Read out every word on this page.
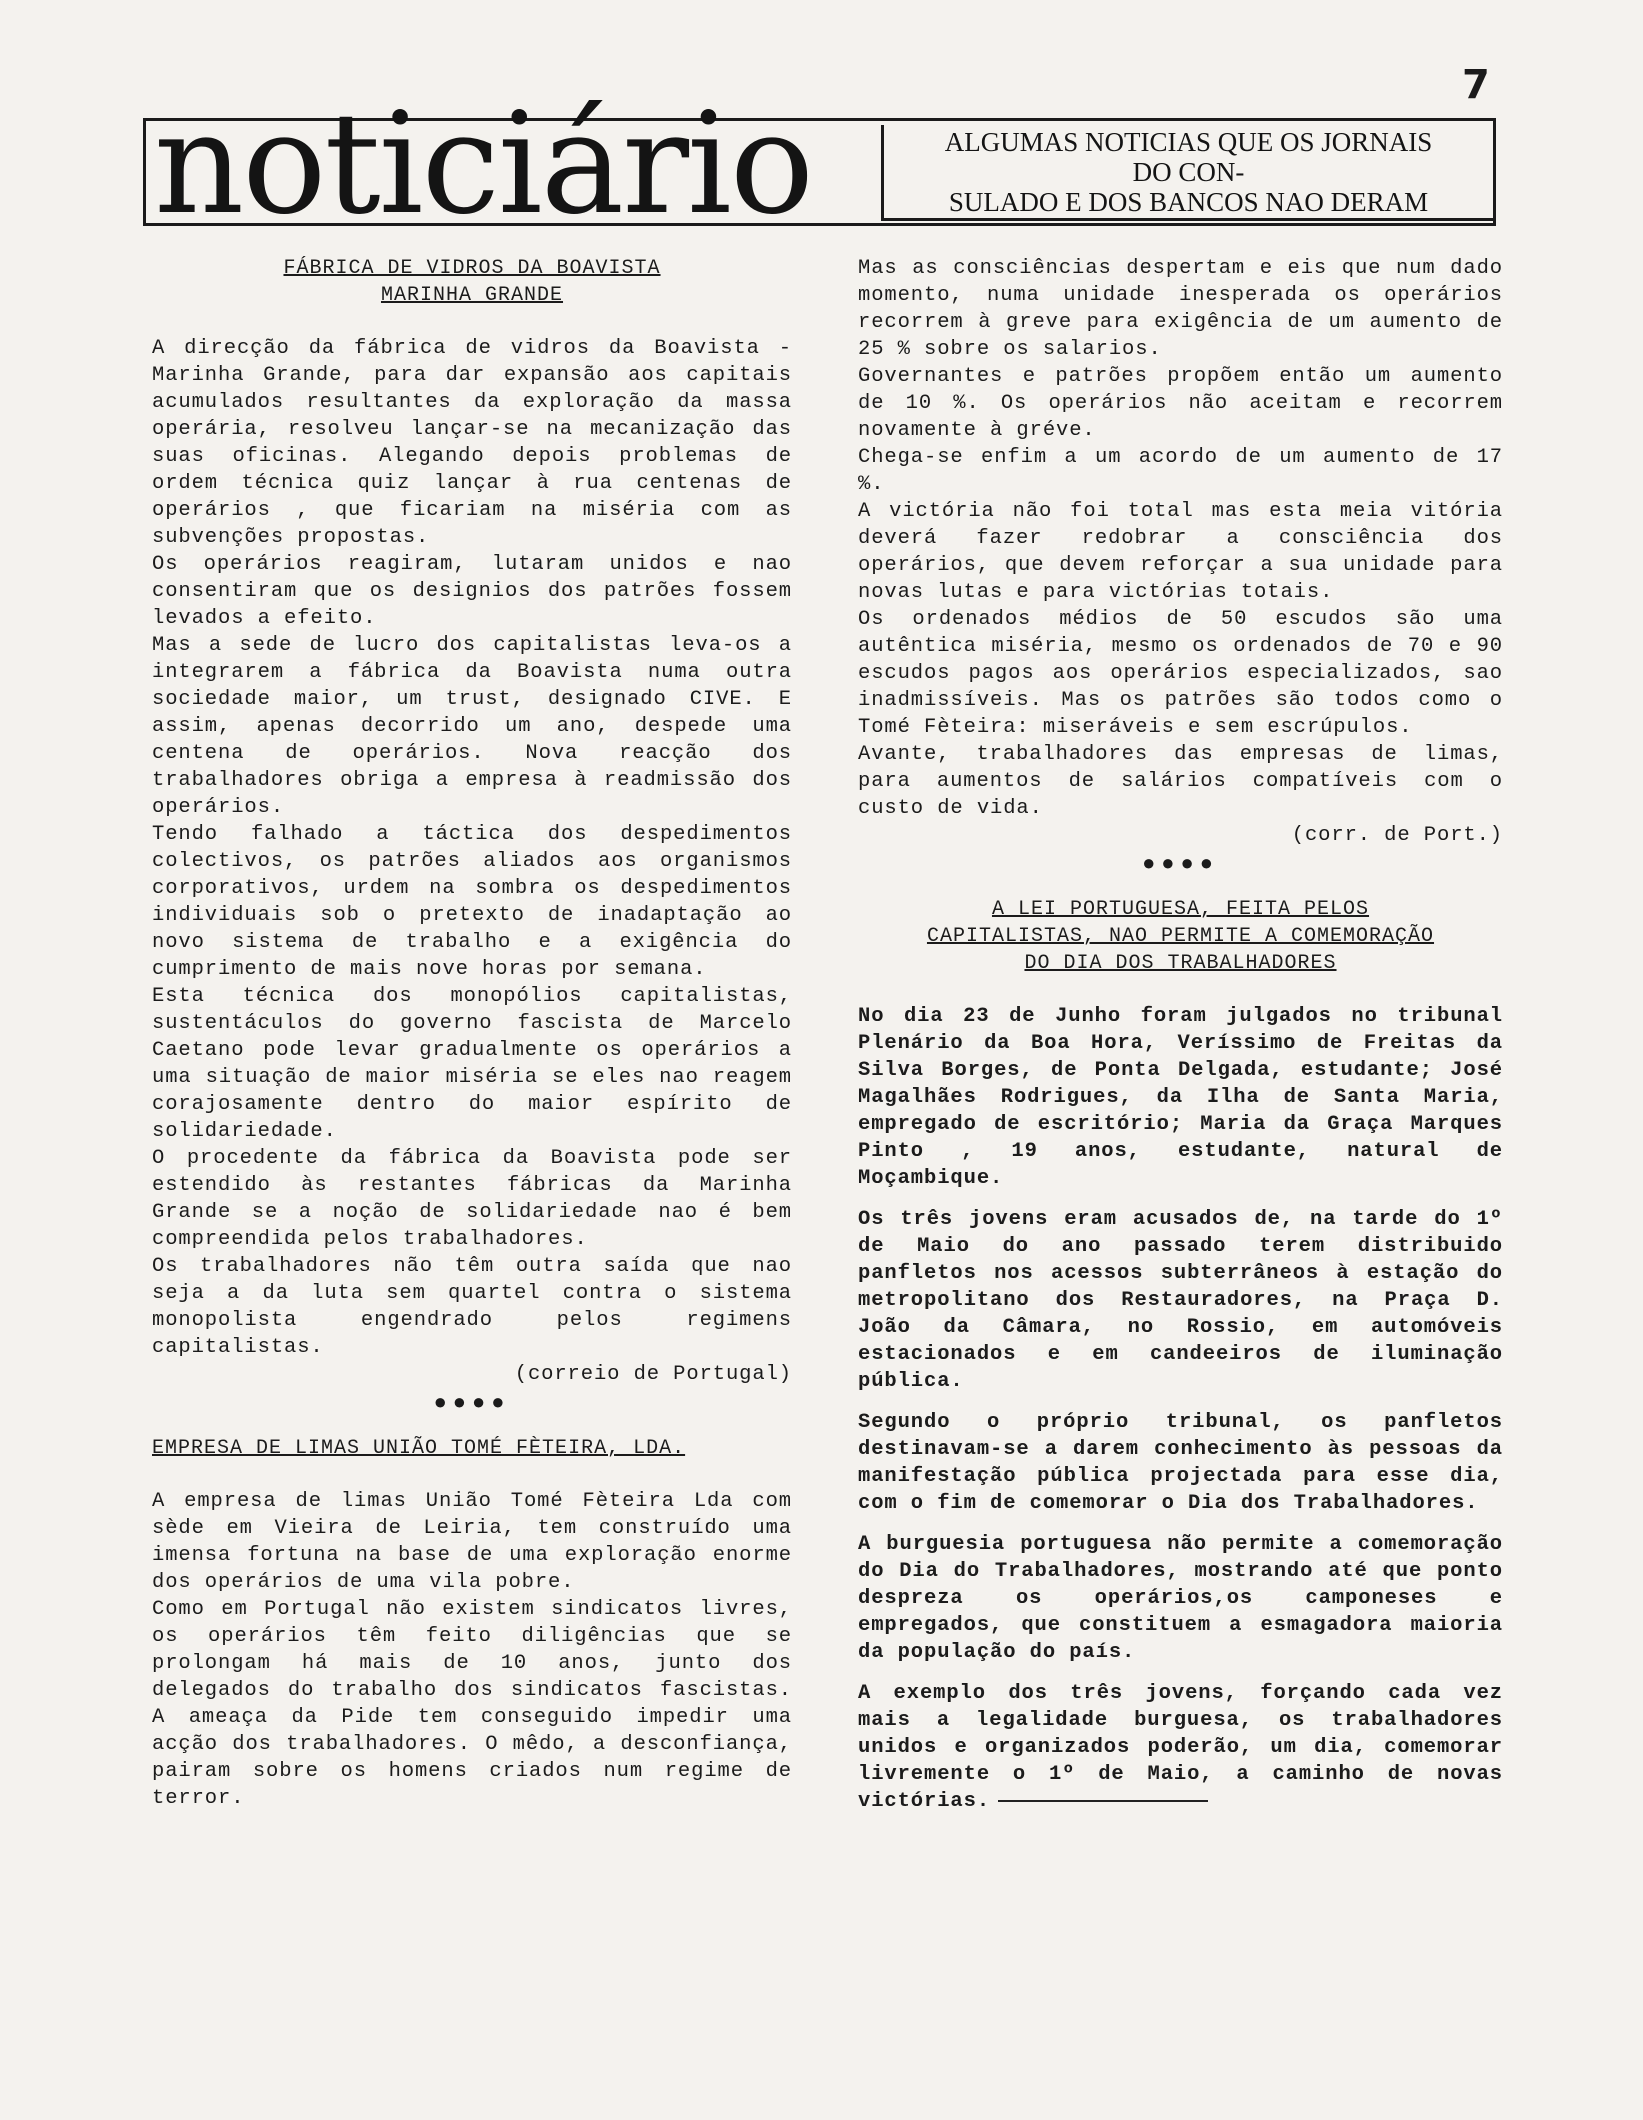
7
noticiário	ALGUMAS NOTICIAS QUE OS JORNAIS
DO CON-
SULADO E DOS BANCOS NAO DERAM

FÁBRICA DE VIDROS DA BOAVISTA

MARINHA GRANDE

A direcção da fábrica de vidros da Boavista -Marinha Grande, para dar expansão aos capitais acumulados resultantes da exploração da massa operária, resolveu lançar-se na mecanização das suas oficinas. Alegando depois problemas de ordem técnica quiz lançar à rua centenas de operários , que ficariam na miséria com as subvenções propostas.

Os operários reagiram, lutaram unidos e nao consentiram que os designios dos patrões fossem levados a efeito.

Mas a sede de lucro dos capitalistas leva-os a integrarem a fábrica da Boavista numa outra sociedade maior, um trust, designado CIVE. E assim, apenas decorrido um ano, despede uma centena de operários. Nova reacção dos trabalhadores obriga a empresa à readmissão dos operários.

Tendo falhado a táctica dos despedimentos colectivos, os patrões aliados aos organismos corporativos, urdem na sombra os despedimentos individuais sob o pretexto de inadaptação ao novo sistema de trabalho e a exigência do cumprimento de mais nove horas por semana.

Esta técnica dos monopólios capitalistas, sustentáculos do governo fascista de Marcelo Caetano pode levar gradualmente os operários a uma situação de maior miséria se eles nao reagem corajosamente dentro do maior espírito de solidariedade.

O procedente da fábrica da Boavista pode ser estendido às restantes fábricas da Marinha Grande se a noção de solidariedade nao é bem compreendida pelos trabalhadores.

Os trabalhadores não têm outra saída que nao seja a da luta sem quartel contra o sistema monopolista engendrado pelos regimens capitalistas.

(correio de Portugal)

●●●●

EMPRESA DE LIMAS UNIÃO TOMÉ FÈTEIRA, LDA.

A empresa de limas União Tomé Fèteira Lda com sède em Vieira de Leiria, tem construído uma imensa fortuna na base de uma exploração enorme dos operários de uma vila pobre.

Como em Portugal não existem sindicatos livres, os operários têm feito diligências que se prolongam há mais de 10 anos, junto dos delegados do trabalho dos sindicatos fascistas. A ameaça da Pide tem conseguido impedir uma acção dos trabalhadores. O mêdo, a desconfiança, pairam sobre os homens criados num regime de terror.

Mas as consciências despertam e eis que num dado momento, numa unidade inesperada os operários recorrem à greve para exigência de um aumento de 25 % sobre os salarios.

Governantes e patrões propõem então um aumento de 10 %. Os operários não aceitam e recorrem novamente à gréve.

Chega-se enfim a um acordo de um aumento de 17 %.

A victória não foi total mas esta meia vitória deverá fazer redobrar a consciência dos operários, que devem reforçar a sua unidade para novas lutas e para victórias totais.

Os ordenados médios de 50 escudos são uma autêntica miséria, mesmo os ordenados de 70 e 90 escudos pagos aos operários especializados, sao inadmissíveis. Mas os patrões são todos como o Tomé Fèteira: miseráveis e sem escrúpulos.

Avante, trabalhadores das empresas de limas, para aumentos de salários compatíveis com o custo de vida.

(corr. de Port.)

●●●●

A LEI PORTUGUESA, FEITA PELOS

CAPITALISTAS, NAO PERMITE A COMEMORAÇÃO

DO DIA DOS TRABALHADORES

No dia 23 de Junho foram julgados no tribunal Plenário da Boa Hora, Veríssimo de Freitas da Silva Borges, de Ponta Delgada, estudante; José Magalhães Rodrigues, da Ilha de Santa Maria, empregado de escritório; Maria da Graça Marques Pinto , 19 anos, estudante, natural de Moçambique.

Os três jovens eram acusados de, na tarde do 1º de Maio do ano passado terem distribuido panfletos nos acessos subterrâneos à estação do metropolitano dos Restauradores, na Praça D. João da Câmara, no Rossio, em automóveis estacionados e em candeeiros de iluminação pública.

Segundo o próprio tribunal, os panfletos destinavam-se a darem conhecimento às pessoas da manifestação pública projectada para esse dia, com o fim de comemorar o Dia dos Trabalhadores.

A burguesia portuguesa não permite a comemoração do Dia do Trabalhadores, mostrando até que ponto despreza os operários,os camponeses e empregados, que constituem a esmagadora maioria da população do país.

A exemplo dos três jovens, forçando cada vez mais a legalidade burguesa, os trabalhadores unidos e organizados poderão, um dia, comemorar livremente o 1º de Maio, a caminho de novas victórias.
